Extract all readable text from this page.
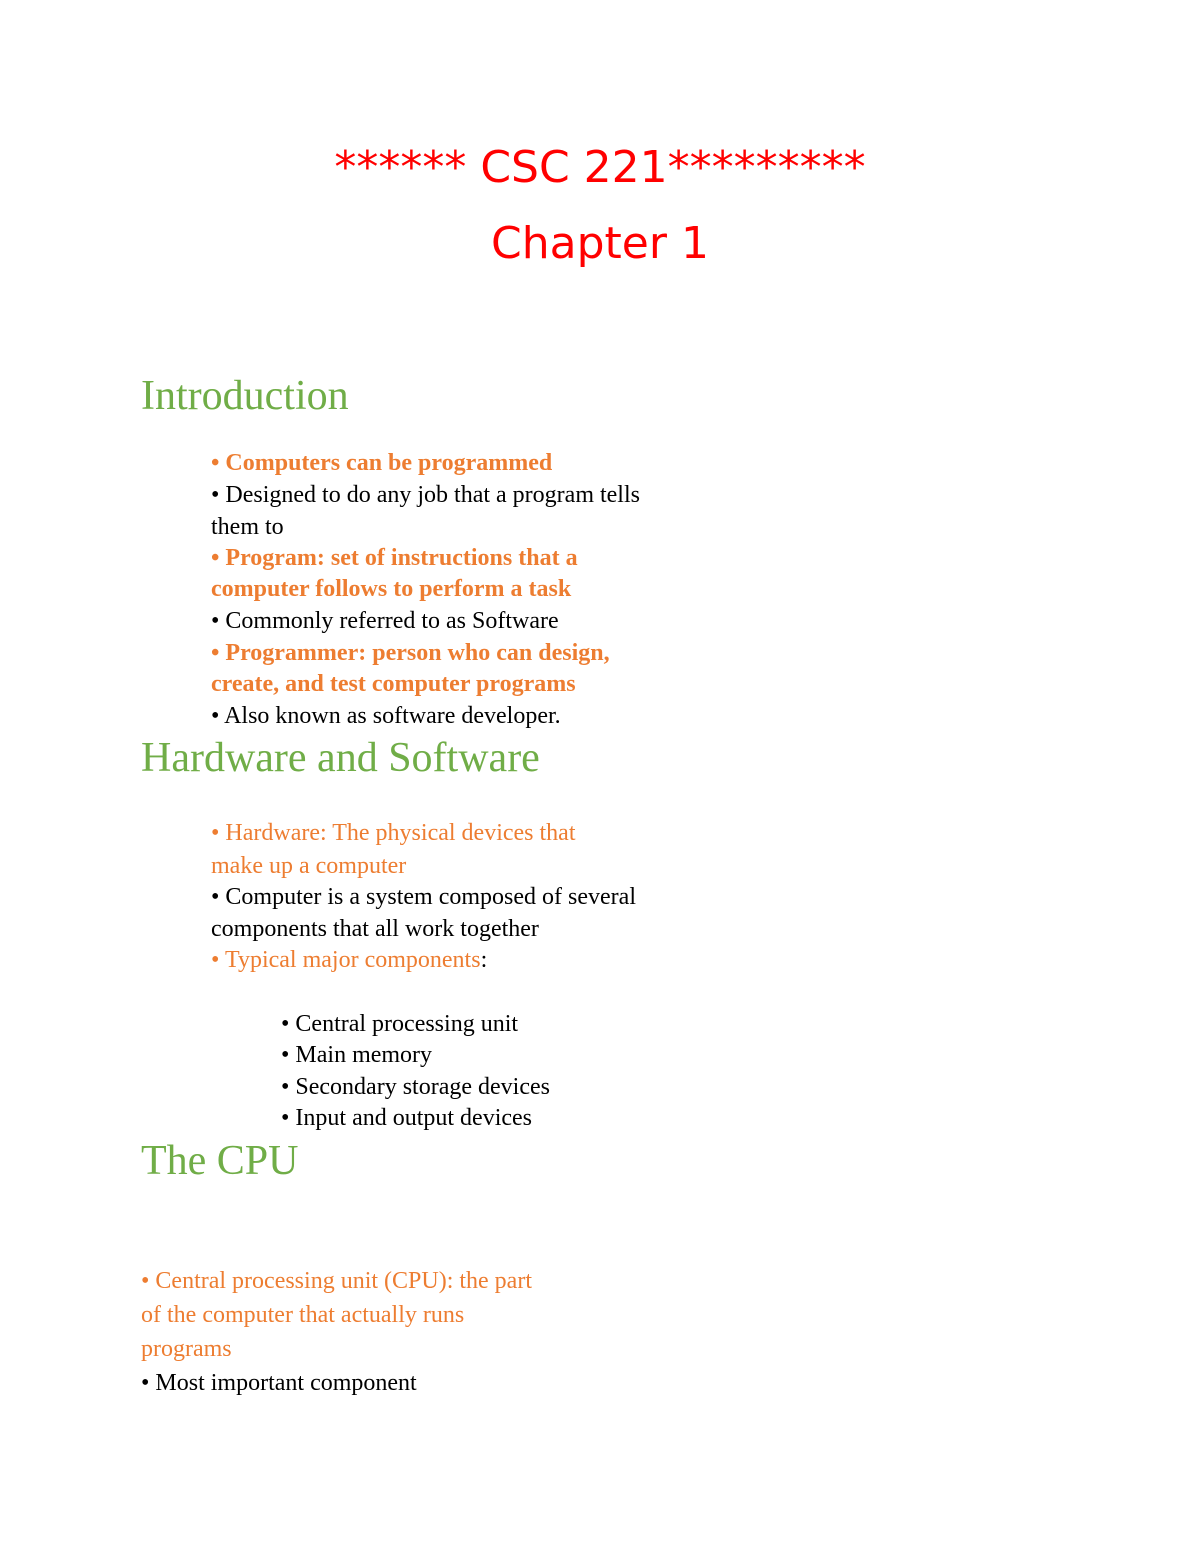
****** CSC 221*********
Chapter 1
Introduction
• Computers can be programmed
• Designed to do any job that a program tells
them to
• Program: set of instructions that a
computer follows to perform a task
• Commonly referred to as Software
• Programmer: person who can design,
create, and test computer programs
• Also known as software developer.
Hardware and Software
• Hardware: The physical devices that
make up a computer
• Computer is a system composed of several
components that all work together
• Typical major components:
• Central processing unit
• Main memory
• Secondary storage devices
• Input and output devices
The CPU
• Central processing unit (CPU): the part
of the computer that actually runs
programs
• Most important component
